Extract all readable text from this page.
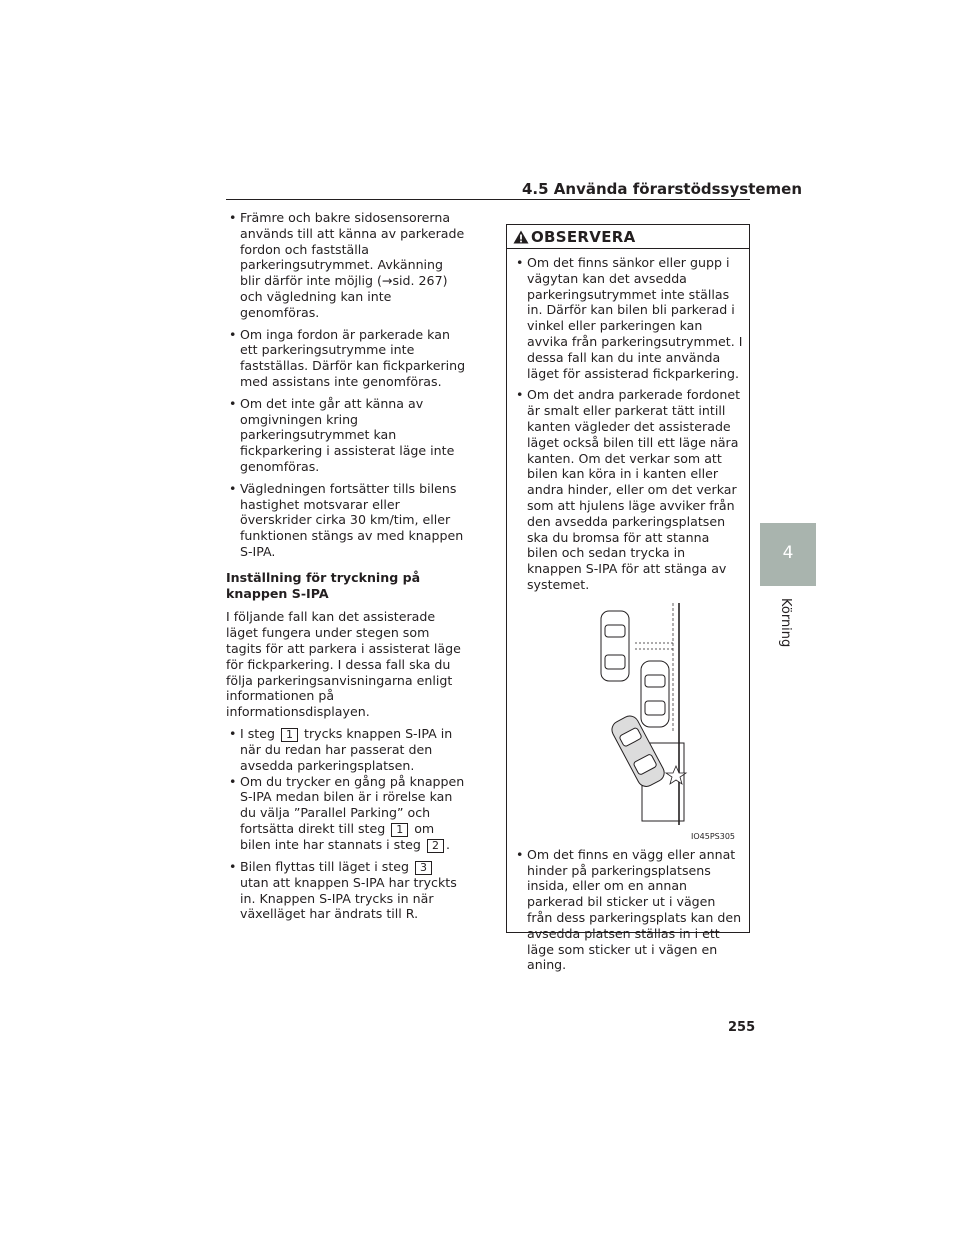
4.5 Använda förarstödssystemen
4
Körning
• Främre och bakre sidosensorerna används till att känna av parkerade fordon och fastställa parkeringsutrymmet. Avkänning blir därför inte möjlig (→sid. 267) och vägledning kan inte genomföras.
• Om inga fordon är parkerade kan ett parkeringsutrymme inte fastställas. Därför kan fickparkering med assistans inte genomföras.
• Om det inte går att känna av omgivningen kring parkeringsutrymmet kan fickparkering i assisterat läge inte genomföras.
• Vägledningen fortsätter tills bilens hastighet motsvarar eller överskrider cirka 30 km/tim, eller funktionen stängs av med knappen S-IPA.
Inställning för tryckning på knappen S-IPA
I följande fall kan det assisterade läget fungera under stegen som tagits för att parkera i assisterat läge för fickparkering. I dessa fall ska du följa parkeringsanvisningarna enligt informationen på informationsdisplayen.
• I steg 1 trycks knappen S-IPA in när du redan har passerat den avsedda parkeringsplatsen.
• Om du trycker en gång på knappen S-IPA medan bilen är i rörelse kan du välja ”Parallel Parking” och fortsätta direkt till steg 1 om bilen inte har stannats i steg 2 .
• Bilen flyttas till läget i steg 3 utan att knappen S-IPA har tryckts in. Knappen S-IPA trycks in när växelläget har ändrats till R.
OBSERVERA
• Om det finns sänkor eller gupp i vägytan kan det avsedda parkeringsutrymmet inte ställas in. Därför kan bilen bli parkerad i vinkel eller parkeringen kan avvika från parkeringsutrymmet. I dessa fall kan du inte använda läget för assisterad fickparkering.
• Om det andra parkerade fordonet är smalt eller parkerat tätt intill kanten vägleder det assisterade läget också bilen till ett läge nära kanten. Om det verkar som att bilen kan köra in i kanten eller andra hinder, eller om det verkar som att hjulens läge avviker från den avsedda parkeringsplatsen ska du bromsa för att stanna bilen och sedan trycka in knappen S-IPA för att stänga av systemet.
IO45PS305
• Om det finns en vägg eller annat hinder på parkeringsplatsens insida, eller om en annan parkerad bil sticker ut i vägen från dess parkeringsplats kan den avsedda platsen ställas in i ett läge som sticker ut i vägen en aning.
255
